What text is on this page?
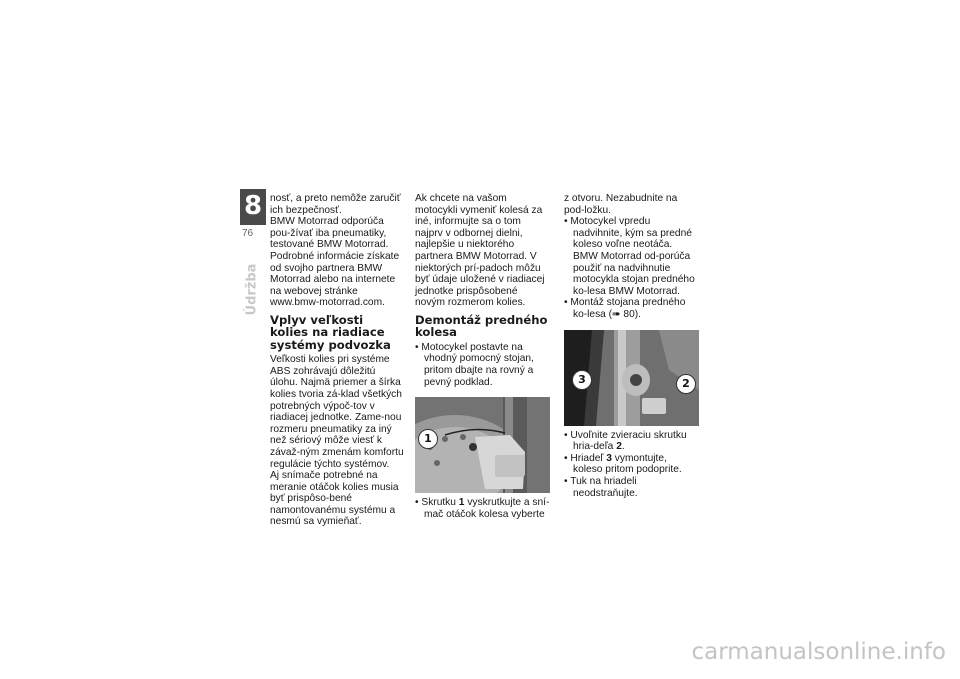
8
76
Údržba

nosť, a preto nemôže zaručiť ich bezpečnosť.

BMW Motorrad odporúča pou-žívať iba pneumatiky, testované BMW Motorrad.

Podrobné informácie získate od svojho partnera BMW Motorrad alebo na internete na webovej stránke www.bmw-motorrad.com.

Vplyv veľkosti kolies na riadiace systémy podvozka

Veľkosti kolies pri systéme ABS zohrávajú dôležitú úlohu. Najmä priemer a šírka kolies tvoria zá-klad všetkých potrebných výpoč-tov v riadiacej jednotke. Zame-nou rozmeru pneumatiky za iný než sériový môže viesť k závaž-ným zmenám komfortu regulácie týchto systémov.

Aj snímače potrebné na meranie otáčok kolies musia byť prispôso-bené namontovanému systému a nesmú sa vymieňať.

Ak chcete na vašom motocykli vymeniť kolesá za iné, informujte sa o tom najprv v odbornej dielni, najlepšie u niektorého partnera BMW Motorrad. V niektorých prí-padoch môžu byť údaje uložené v riadiacej jednotke prispôsobené novým rozmerom kolies.

Demontáž predného kolesa
• Motocykel postavte na vhodný pomocný stojan, pritom dbajte na rovný a pevný podklad.
1
• Skrutku 1 vyskrutkujte a sní-mač otáčok kolesa vyberte

z otvoru. Nezabudnite na pod-ložku.

• Motocykel vpredu nadvihnite, kým sa predné koleso voľne neotáča. BMW Motorrad od-porúča použiť na nadvihnutie motocykla stojan predného ko-lesa BMW Motorrad.
• Montáž stojana predného ko-lesa (➠ 80).
3	2
• Uvoľnite zvieraciu skrutku hria-deľa 2.
• Hriadeľ 3 vymontujte, koleso pritom podoprite.
• Tuk na hriadeli neodstraňujte.
carmanualsonline.info
